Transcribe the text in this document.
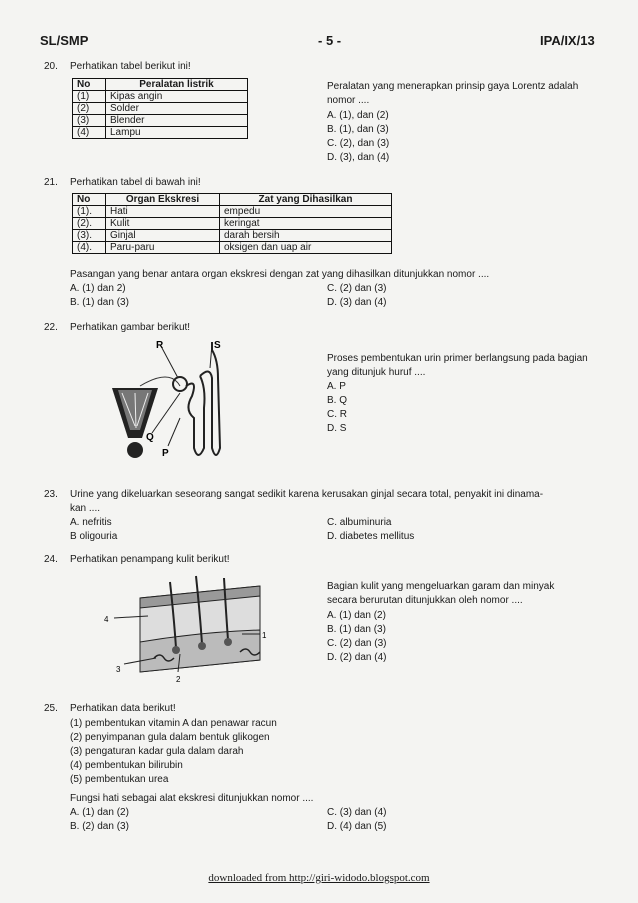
SL/SMP	- 5 -	IPA/IX/13
20. Perhatikan tabel berikut ini!
No	Peralatan listrik
(1)	Kipas angin
(2)	Solder
(3)	Blender
(4)	Lampu
Peralatan yang menerapkan prinsip gaya Lorentz adalah
nomor ....
A. (1), dan (2)
B. (1), dan (3)
C. (2), dan (3)
D. (3), dan (4)
21. Perhatikan tabel di bawah ini!
No	Organ Ekskresi	Zat yang Dihasilkan
(1).	Hati	empedu
(2).	Kulit	keringat
(3).	Ginjal	darah bersih
(4).	Paru-paru	oksigen dan uap air
Pasangan yang benar antara organ ekskresi dengan zat yang dihasilkan ditunjukkan nomor ....
A. (1) dan 2)
B. (1) dan (3)
C. (2) dan (3)
D. (3) dan (4)
22. Perhatikan gambar berikut!
R	S
Q
P
Proses pembentukan urin primer berlangsung pada bagian
yang ditunjuk huruf ....
A. P
B. Q
C. R
D. S
23. Urine yang dikeluarkan seseorang sangat sedikit karena kerusakan ginjal secara total, penyakit ini dinama-
kan ....
A. nefritis
B oligouria
C. albuminuria
D. diabetes mellitus
24. Perhatikan penampang kulit berikut!
4
1
3
2
Bagian kulit yang mengeluarkan garam dan minyak
secara berurutan ditunjukkan oleh nomor ....
A. (1) dan (2)
B. (1) dan (3)
C. (2) dan (3)
D. (2) dan (4)
25. Perhatikan data berikut!
(1) pembentukan vitamin A dan penawar racun
(2) penyimpanan gula dalam bentuk glikogen
(3) pengaturan kadar gula dalam darah
(4) pembentukan bilirubin
(5) pembentukan urea
Fungsi hati sebagai alat ekskresi ditunjukkan nomor ....
A. (1) dan (2)
B. (2) dan (3)
C. (3) dan (4)
D. (4) dan (5)
downloaded from http://giri-widodo.blogspot.com
